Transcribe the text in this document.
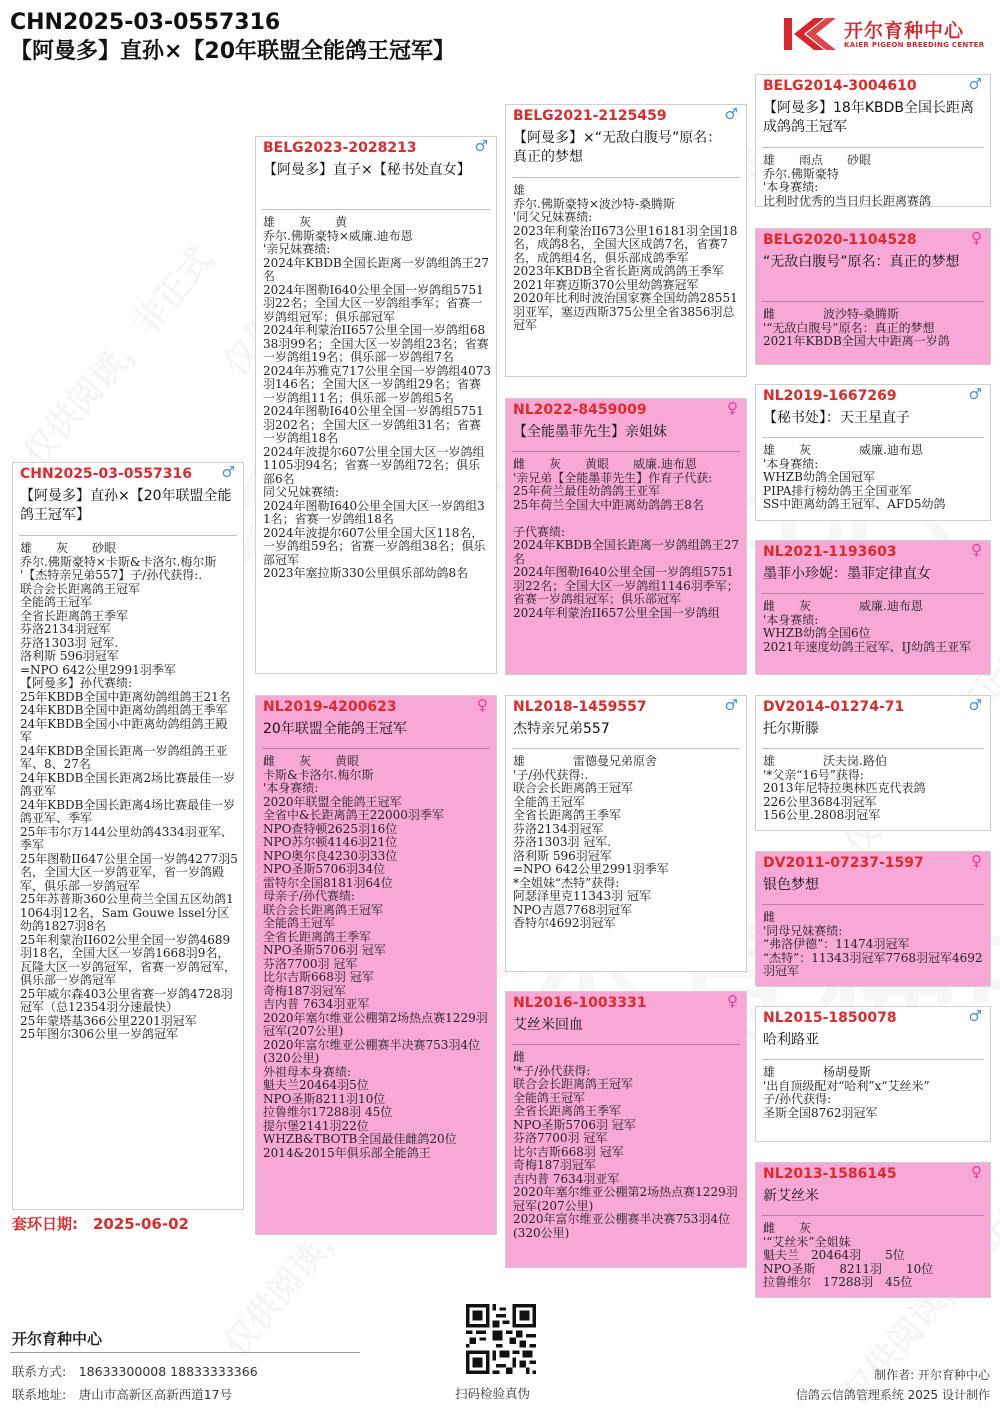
CHN2025-03-0557316
【阿曼多】直孙×【20年联盟全能鸽王冠军】
开尔育种中心
KAIER PIGEON BREEDING CENTER
CHN2025-03-0557316 ♂
【阿曼多】直孙×【20年联盟全能鸽王冠军】
雄　　灰　　砂眼
乔尔.佛斯豪特×卡斯&卡洛尔.梅尔斯
'【杰特亲兄弟557】子/孙代获得:.
联合会长距离鸽王冠军
全能鸽王冠军
全省长距离鸽王季军
芬洛2134羽冠军
芬洛1303羽 冠军.
洛利斯 596羽冠军
=NPO 642公里2991羽季军
【阿曼多】孙代赛绩:
25年KBDB全国中距离幼鸽组鸽王21名
24年KBDB全国中距离幼鸽组鸽王季军
24年KBDB全国小中距离幼鸽组鸽王殿军
24年KBDB全国长距离一岁鸽组鸽王亚军、8、27名
24年KBDB全国长距离2场比赛最佳一岁鸽亚军
24年KBDB全国长距离4场比赛最佳一岁鸽亚军、季军
25年韦尔万144公里幼鸽4334羽亚军、季军
25年图勒II647公里全国一岁鸽4277羽5名，全国大区一岁鸽亚军，省一岁鸽殿军，俱乐部一岁鸽冠军
25年苏普斯360公里荷兰全国五区幼鸽11064羽12名，Sam Gouwe lssel分区幼鸽1827羽8名
25年利蒙治II602公里全国一岁鸽4689羽18名，全国大区一岁鸽1668羽9名，瓦隆大区一岁鸽冠军，省赛一岁鸽冠军，俱乐部一岁鸽冠军
25年威尔森403公里省赛一岁鸽4728羽冠军（总12354羽分速最快）
25年蒙塔基366公里2201羽冠军
25年图尔306公里一岁鸽冠军
BELG2023-2028213	♂
【阿曼多】直子×【秘书处直女】
雄　　灰　　黄
乔尔.佛斯豪特×威廉.迪布恩
'亲兄妹赛绩:
2024年KBDB全国长距离一岁鸽组鸽王27名
2024年图勒I640公里全国一岁鸽组5751羽22名；全国大区一岁鸽组季军；省赛一岁鸽组冠军；俱乐部冠军
2024年利蒙治II657公里全国一岁鸽组6838羽99名；全国大区一岁鸽组23名；省赛一岁鸽组19名；俱乐部一岁鸽组7名
2024年苏雅克717公里全国一岁鸽组4073羽146名；全国大区一岁鸽组29名；省赛一岁鸽组11名；俱乐部一岁鸽组5名
2024年图勒I640公里全国一岁鸽组5751羽202名；全国大区一岁鸽组31名；省赛一岁鸽组18名
2024年波提尔607公里全国大区一岁鸽组1105羽94名；省赛一岁鸽组72名；俱乐部6名
同父兄妹赛绩:
2024年图勒I640公里全国大区一岁鸽组31名；省赛一岁鸽组18名
2024年波提尔607公里全国大区118名，一岁鸽组59名；省赛一岁鸽组38名；俱乐部冠军
2023年塞拉斯330公里俱乐部幼鸽8名
NL2019-4200623	♀
20年联盟全能鸽王冠军
雌　　灰　　黄眼
卡斯&卡洛尔.梅尔斯
'本身赛绩:
2020年联盟全能鸽王冠军
全省中&长距离鸽王22000羽季军
NPO查特顿2625羽16位
NPO苏尔顿4146羽21位
NPO奥尔良4230羽33位
NPO圣斯5706羽34位
雷特尔全国8181羽64位
母亲子/孙代赛绩:
联合会长距离鸽王冠军
全能鸽王冠军
全省长距离鸽王季军
NPO圣斯5706羽 冠军
芬洛7700羽 冠军
比尔吉斯668羽 冠军
奇梅187羽冠军
吉内普 7634羽亚军
2020年塞尔维亚公棚第2场热点赛1229羽冠军(207公里)
2020年富尔维亚公棚赛半决赛753羽4位(320公里)
外祖母本身赛绩:
魁夫兰20464羽5位
NPO圣斯8211羽10位
拉鲁维尔17288羽 45位
提尔堡2141羽22位
WHZB&TBOTB全国最佳雌鸽20位
2014&2015年俱乐部全能鸽王
BELG2021-2125459	♂
【阿曼多】×“无敌白腹号”原名： 真正的梦想
雄
乔尔.佛斯豪特×波沙特-桑腾斯
'同父兄妹赛绩:
2023年利蒙治II673公里16181羽全国18名，成鸽8名，全国大区成鸽7名，省赛7名，成鸽组4名，俱乐部成鸽季军
2023年KBDB全省长距离成鸽鸽王季军
2021年赛迈斯370公里幼鸽赛冠军
2020年比利时波治国家赛全国幼鸽28551羽亚军，塞迈西斯375公里全省3856羽总冠军
NL2022-8459009	♀
【全能墨菲先生】亲姐妹
雌　　灰　　黄眼　　威廉.迪布恩
'亲兄弟【全能墨菲先生】作育子代获:
25年荷兰最佳幼鸽鸽王亚军
25年荷兰全国大中距离幼鸽鸽王8名
子代赛绩:
2024年KBDB全国长距离一岁鸽组鸽王27名
2024年图勒I640公里全国一岁鸽组5751羽22名；全国大区一岁鸽组1146羽季军；省赛一岁鸽组冠军；俱乐部冠军
2024年利蒙治II657公里全国一岁鸽组
NL2018-1459557	♂
杰特亲兄弟557
雄　　　　雷德曼兄弟原舍
'子/孙代获得:.
联合会长距离鸽王冠军
全能鸽王冠军
全省长距离鸽王季军
芬洛2134羽冠军
芬洛1303羽 冠军.
洛利斯 596羽冠军
=NPO 642公里2991羽季军
*全姐妹“杰特”获得:
阿瑟泽里克11343羽 冠军
NPO吉恩7768羽冠军
香特尔4692羽冠军
NL2016-1003331	♀
艾丝米回血
雌
'*子/孙代获得:
联合会长距离鸽王冠军
全能鸽王冠军
全省长距离鸽王季军
NPO圣斯5706羽 冠军
芬洛7700羽 冠军
比尔吉斯668羽 冠军
奇梅187羽冠军
吉内普 7634羽亚军
2020年塞尔维亚公棚第2场热点赛1229羽冠军(207公里)
2020年富尔维亚公棚赛半决赛753羽4位(320公里)
BELG2014-3004610	♂
【阿曼多】18年KBDB全国长距离成鸽鸽王冠军
雄　　雨点　　砂眼
乔尔.佛斯豪特
'本身赛绩:
比利时优秀的当日归长距离赛鸽
BELG2020-1104528	♀
“无敌白腹号”原名：真正的梦想
雌　　　　波沙特-桑腾斯
'“无敌白腹号”原名：真正的梦想
2021年KBDB全国大中距离一岁鸽
NL2019-1667269	♂
【秘书处】：天王星直子
雄　　灰　　　　威廉.迪布恩
'本身赛绩:
WHZB幼鸽全国冠军
PIPA排行榜幼鸽王全国亚军
SS中距离幼鸽王冠军、AFD5幼鸽
NL2021-1193603	♀
墨菲小珍妮：墨菲定律直女
雌　　灰　　　　威廉.迪布恩
'本身赛绩:
WHZB幼鸽全国6位
2021年速度幼鸽王冠军、IJ幼鸽王亚军
DV2014-01274-71	♂
托尔斯滕
雄　　　　沃夫岗.路伯
'*父亲“16号”获得:
2013年尼特拉奥林匹克代表鸽
226公里3684羽冠军
156公里.2808羽冠军
DV2011-07237-1597	♀
银色梦想
雌
'同母兄妹赛绩:
“弗洛伊德”：11474羽冠军
“杰特”：11343羽冠军7768羽冠军4692羽冠军
NL2015-1850078	♂
哈利路亚
雄　　　　杨胡曼斯
'出自顶级配对“哈利”x“艾丝米”
子/孙代获得:
圣斯全国8762羽冠军
NL2013-1586145	♀
新艾丝米
雌　　灰
'“艾丝米”全姐妹
魁夫兰　20464羽　　5位
NPO圣斯　　8211羽　　10位
拉鲁维尔　17288羽　45位
套环日期:　2025-06-02
开尔育种中心
联系方式:　18633300008 18833333366
联系地址:　唐山市高新区高新西道17号	扫码检验真伪
制作者: 开尔育种中心
信鸽云信鸽管理系统 2025 设计制作
